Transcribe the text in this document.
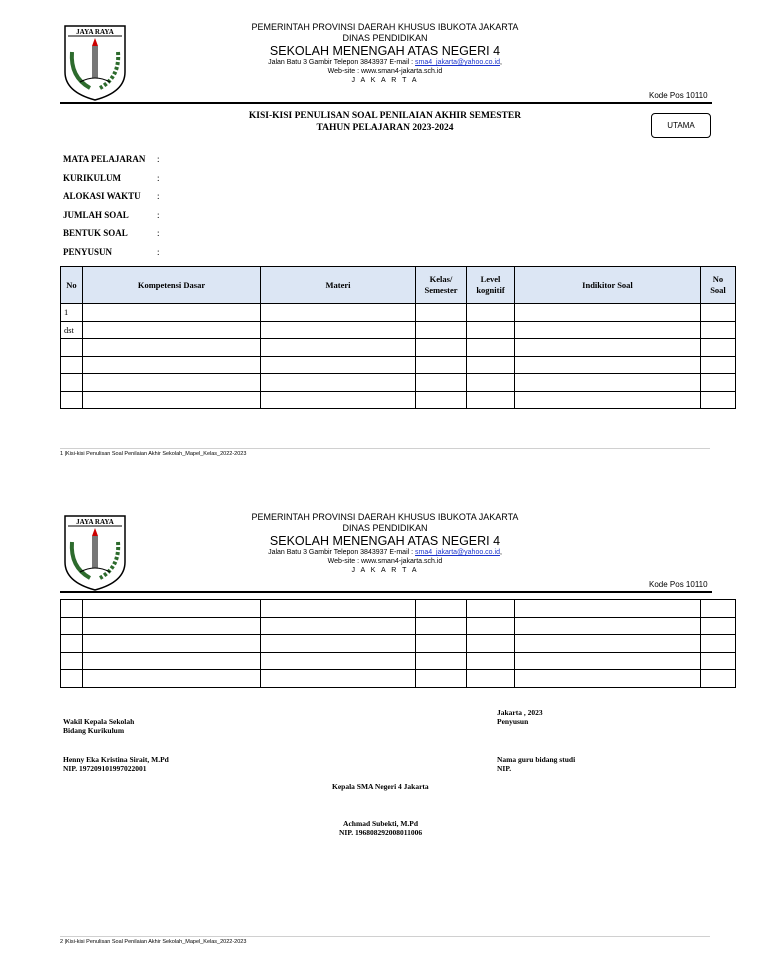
JAYA RAYA	PEMERINTAH PROVINSI DAERAH KHUSUS IBUKOTA JAKARTA
DINAS PENDIDIKAN
SEKOLAH MENENGAH ATAS NEGERI 4
Jalan Batu 3 Gambir Telepon 3843937 E-mail : sma4_jakarta@yahoo.co.id,
Web-site : www.sman4-jakarta.sch.id
J A K A R T A
Kode Pos 10110
KISI-KISI PENULISAN SOAL PENILAIAN AKHIR SEMESTER
TAHUN PELAJARAN 2023-2024	UTAMA
MATA PELAJARAN	:
KURIKULUM	:
ALOKASI WAKTU	:
JUMLAH SOAL	:
BENTUK SOAL	:
PENYUSUN	:
No	Kompetensi Dasar	Materi	Kelas/ Semester	Level kognitif	Indikitor Soal	No Soal
1						
dst						

1 |Kisi-kisi Penulisan Soal Penilaian Akhir Sekolah_Mapel_Kelas_2022-2023
JAYA RAYA	PEMERINTAH PROVINSI DAERAH KHUSUS IBUKOTA JAKARTA
DINAS PENDIDIKAN
SEKOLAH MENENGAH ATAS NEGERI 4
Jalan Batu 3 Gambir Telepon 3843937 E-mail : sma4_jakarta@yahoo.co.id,
Web-site : www.sman4-jakarta.sch.id
J A K A R T A
Kode Pos 10110

Wakil Kepala Sekolah
Bidang Kurikulum
Henny Eka Kristina Sirait, M.Pd
NIP. 197209101997022001
Jakarta , 2023
Penyusun
Nama guru bidang studi
NIP.
Kepala SMA Negeri 4 Jakarta
Achmad Subekti, M.Pd
NIP. 196808292008011006
2 |Kisi-kisi Penulisan Soal Penilaian Akhir Sekolah_Mapel_Kelas_2022-2023
